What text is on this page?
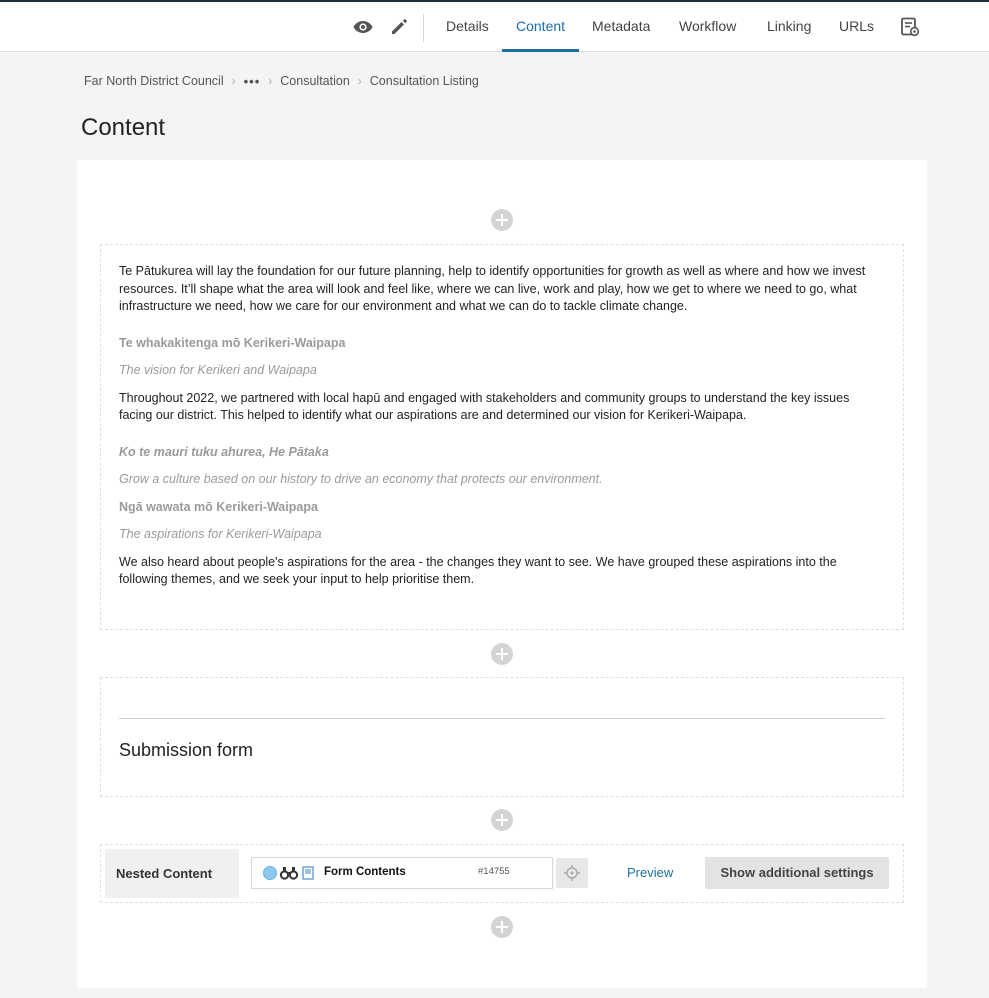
Details	Content	Metadata	Workflow	Linking	URLs
Far North District Council › ••• › Consultation › Consultation Listing
Content

Te Pātukurea will lay the foundation for our future planning, help to identify opportunities for growth as well as where and how we invest resources. It’ll shape what the area will look and feel like, where we can live, work and play, how we get to where we need to go, what infrastructure we need, how we care for our environment and what we can do to tackle climate change.

Te whakakitenga mō Kerikeri-Waipapa

The vision for Kerikeri and Waipapa

Throughout 2022, we partnered with local hapū and engaged with stakeholders and community groups to understand the key issues facing our district. This helped to identify what our aspirations are and determined our vision for Kerikeri-Waipapa.

Ko te mauri tuku ahurea, He Pātaka

Grow a culture based on our history to drive an economy that protects our environment.

Ngā wawata mō Kerikeri-Waipapa

The aspirations for Kerikeri-Waipapa

We also heard about people's aspirations for the area - the changes they want to see. We have grouped these aspirations into the following themes, and we seek your input to help prioritise them.

Submission form
Nested Content	Form Contents	#14755	Preview	Show additional settings
